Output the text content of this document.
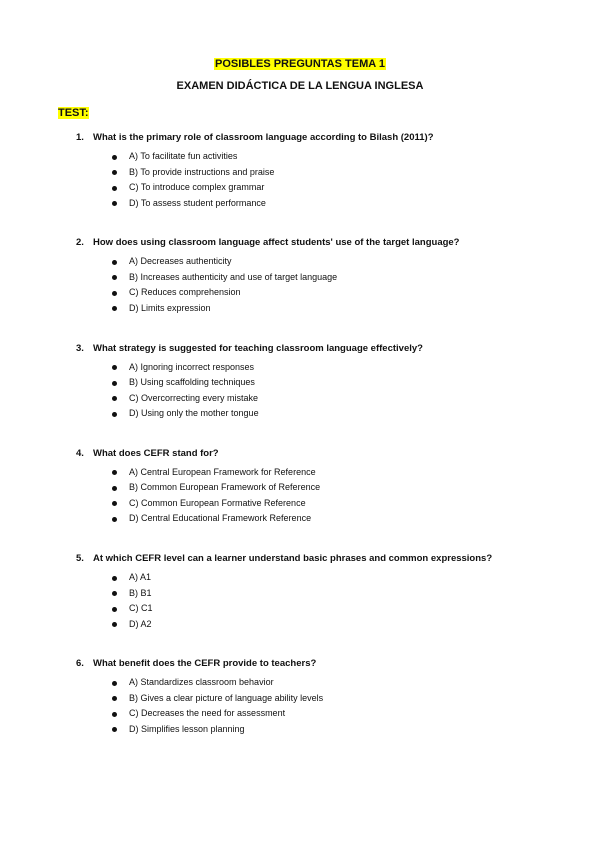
POSIBLES PREGUNTAS TEMA 1
EXAMEN DIDÁCTICA DE LA LENGUA INGLESA
TEST:
1. What is the primary role of classroom language according to Bilash (2011)?
A) To facilitate fun activities
B) To provide instructions and praise
C) To introduce complex grammar
D) To assess student performance
2. How does using classroom language affect students' use of the target language?
A) Decreases authenticity
B) Increases authenticity and use of target language
C) Reduces comprehension
D) Limits expression
3. What strategy is suggested for teaching classroom language effectively?
A) Ignoring incorrect responses
B) Using scaffolding techniques
C) Overcorrecting every mistake
D) Using only the mother tongue
4. What does CEFR stand for?
A) Central European Framework for Reference
B) Common European Framework of Reference
C) Common European Formative Reference
D) Central Educational Framework Reference
5. At which CEFR level can a learner understand basic phrases and common expressions?
A) A1
B) B1
C) C1
D) A2
6. What benefit does the CEFR provide to teachers?
A) Standardizes classroom behavior
B) Gives a clear picture of language ability levels
C) Decreases the need for assessment
D) Simplifies lesson planning
